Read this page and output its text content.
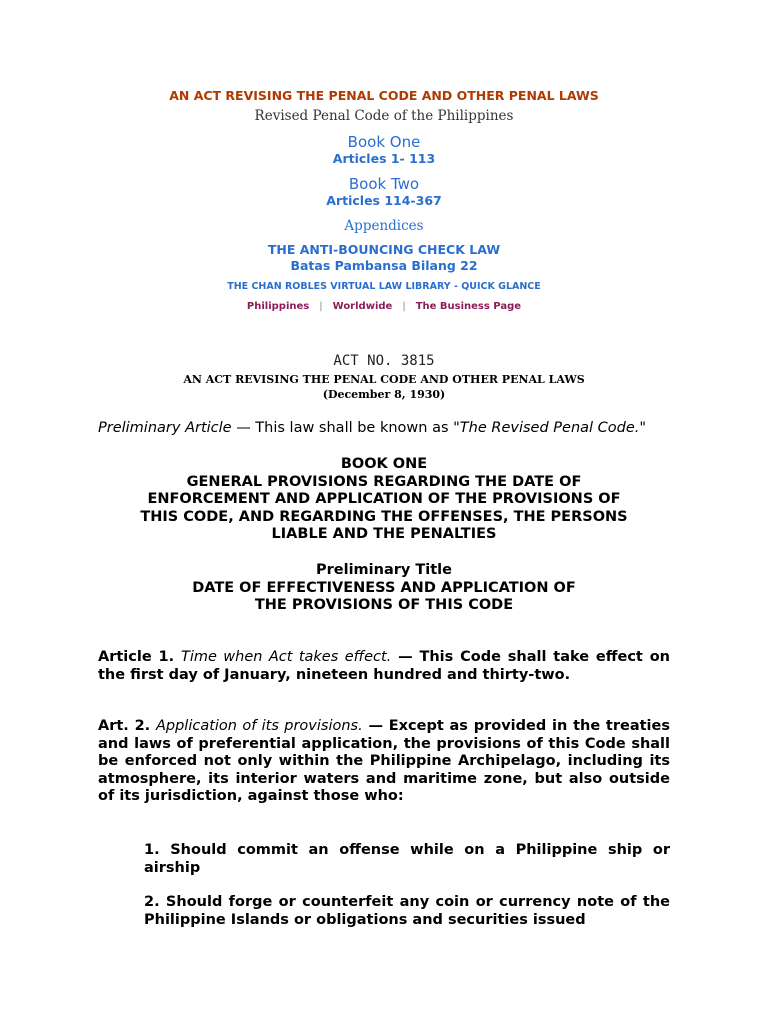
AN ACT REVISING THE PENAL CODE AND OTHER PENAL LAWS
Revised Penal Code of the Philippines
Book One
Articles 1- 113
Book Two
Articles 114-367
Appendices
THE ANTI-BOUNCING CHECK LAW
Batas Pambansa Bilang 22
THE CHAN ROBLES VIRTUAL LAW LIBRARY - QUICK GLANCE
Philippines | Worldwide | The Business Page
ACT NO. 3815
AN ACT REVISING THE PENAL CODE AND OTHER PENAL LAWS
(December 8, 1930)
Preliminary Article — This law shall be known as "The Revised Penal Code."
BOOK ONE
GENERAL PROVISIONS REGARDING THE DATE OF ENFORCEMENT AND APPLICATION OF THE PROVISIONS OF THIS CODE, AND REGARDING THE OFFENSES, THE PERSONS LIABLE AND THE PENALTIES
Preliminary Title
DATE OF EFFECTIVENESS AND APPLICATION OF THE PROVISIONS OF THIS CODE
Article 1. Time when Act takes effect. — This Code shall take effect on the first day of January, nineteen hundred and thirty-two.
Art. 2. Application of its provisions. — Except as provided in the treaties and laws of preferential application, the provisions of this Code shall be enforced not only within the Philippine Archipelago, including its atmosphere, its interior waters and maritime zone, but also outside of its jurisdiction, against those who:
1. Should commit an offense while on a Philippine ship or airship
2. Should forge or counterfeit any coin or currency note of the Philippine Islands or obligations and securities issued
